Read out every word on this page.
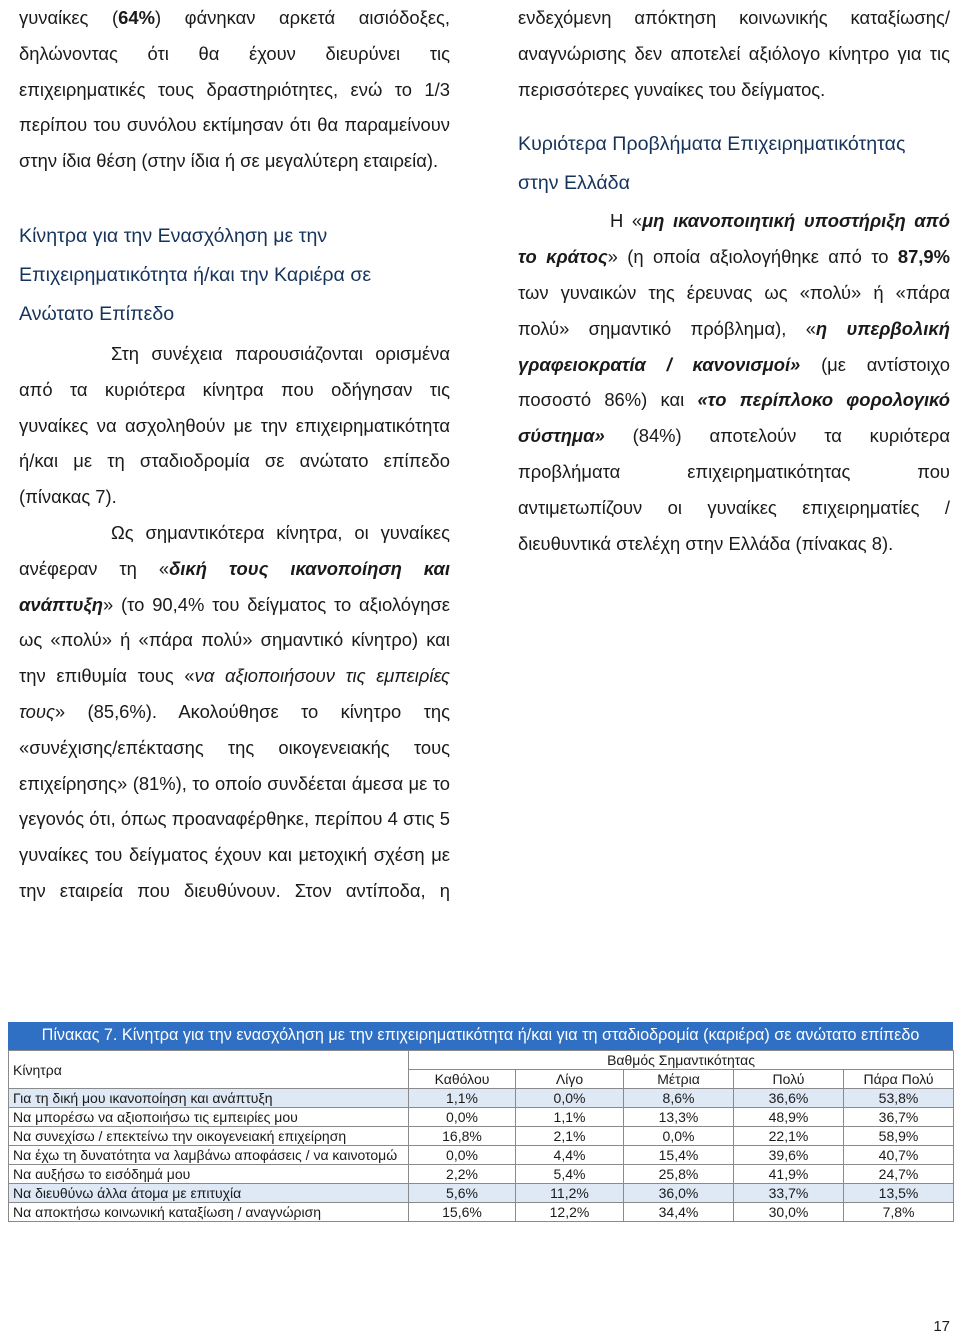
γυναίκες (64%) φάνηκαν αρκετά αισιόδοξες, δηλώνοντας ότι θα έχουν διευρύνει τις επιχειρηματικές τους δραστηριότητες, ενώ το 1/3 περίπου του συνόλου εκτίμησαν ότι θα παραμείνουν στην ίδια θέση (στην ίδια ή σε μεγαλύτερη εταιρεία).

Κίνητρα για την Ενασχόληση με την Επιχειρηματικότητα ή/και την Καριέρα σε Ανώτατο Επίπεδο

Στη συνέχεια παρουσιάζονται ορισμένα από τα κυριότερα κίνητρα που οδήγησαν τις γυναίκες να ασχοληθούν με την επιχειρηματικότητα ή/και με τη σταδιοδρομία σε ανώτατο επίπεδο (πίνακας 7).

Ως σημαντικότερα κίνητρα, οι γυναίκες ανέφεραν τη «δική τους ικανοποίηση και ανάπτυξη» (το 90,4% του δείγματος το αξιολόγησε ως «πολύ» ή «πάρα πολύ» σημαντικό κίνητρο) και την επιθυμία τους «να αξιοποιήσουν τις εμπειρίες τους» (85,6%). Ακολούθησε το κίνητρο της «συνέχισης/επέκτασης της οικογενειακής τους επιχείρησης» (81%), το οποίο συνδέεται άμεσα με το γεγονός ότι, όπως προαναφέρθηκε, περίπου 4 στις 5 γυναίκες του δείγματος έχουν και μετοχική σχέση με την εταιρεία που διευθύνουν. Στον αντίποδα, η

ενδεχόμενη απόκτηση κοινωνικής καταξίωσης/ αναγνώρισης δεν αποτελεί αξιόλογο κίνητρο για τις περισσότερες γυναίκες του δείγματος.

Κυριότερα Προβλήματα Επιχειρηματικότητας στην Ελλάδα

Η «μη ικανοποιητική υποστήριξη από το κράτος» (η οποία αξιολογήθηκε από το 87,9% των γυναικών της έρευνας ως «πολύ» ή «πάρα πολύ» σημαντικό πρόβλημα), «η υπερβολική γραφειοκρατία / κανονισμοί» (με αντίστοιχο ποσοστό 86%) και «το περίπλοκο φορολογικό σύστημα» (84%) αποτελούν τα κυριότερα προβλήματα επιχειρηματικότητας που αντιμετωπίζουν οι γυναίκες επιχειρηματίες / διευθυντικά στελέχη στην Ελλάδα (πίνακας 8).

Πίνακας 7. Κίνητρα για την ενασχόληση με την επιχειρηματικότητα ή/και για τη σταδιοδρομία (καριέρα) σε ανώτατο επίπεδο
Κίνητρα	Βαθμός Σημαντικότητας				
	Καθόλου	Λίγο	Μέτρια	Πολύ	Πάρα Πολύ
Για τη δική μου ικανοποίηση και ανάπτυξη	1,1%	0,0%	8,6%	36,6%	53,8%
Να μπορέσω να αξιοποιήσω τις εμπειρίες μου	0,0%	1,1%	13,3%	48,9%	36,7%
Να συνεχίσω / επεκτείνω την οικογενειακή επιχείρηση	16,8%	2,1%	0,0%	22,1%	58,9%
Να έχω τη δυνατότητα να λαμβάνω αποφάσεις / να καινοτομώ	0,0%	4,4%	15,4%	39,6%	40,7%
Να αυξήσω το εισόδημά μου	2,2%	5,4%	25,8%	41,9%	24,7%
Να διευθύνω άλλα άτομα με επιτυχία	5,6%	11,2%	36,0%	33,7%	13,5%
Να αποκτήσω κοινωνική καταξίωση / αναγνώριση	15,6%	12,2%	34,4%	30,0%	7,8%
17
